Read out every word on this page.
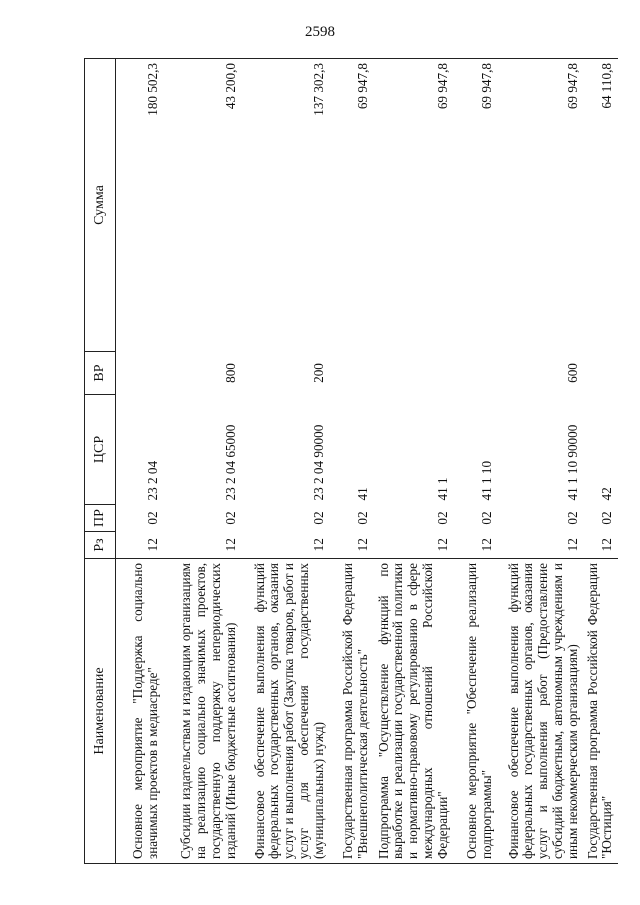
2598
Наименование	Рз	ПР	ЦСР	ВР	Сумма
Основное мероприятие "Поддержка социально значимых проектов в медиасреде"	12	02	23 2 04		180 502,3
Субсидии издательствам и издающим организациям на реализацию социально значимых проектов, государственную поддержку непериодических изданий (Иные бюджетные ассигнования)	12	02	23 2 04 65000	800	43 200,0
Финансовое обеспечение выполнения функций федеральных государственных органов, оказания услуг и выполнения работ (Закупка товаров, работ и услуг для обеспечения государственных (муниципальных) нужд)	12	02	23 2 04 90000	200	137 302,3
Государственная программа Российской Федерации "Внешнеполитическая деятельность"	12	02	41		69 947,8
Подпрограмма "Осуществление функций по выработке и реализации государственной политики и нормативно-правовому регулированию в сфере международных отношений Российской Федерации"	12	02	41 1		69 947,8
Основное мероприятие "Обеспечение реализации подпрограммы"	12	02	41 1 10		69 947,8
Финансовое обеспечение выполнения функций федеральных государственных органов, оказания услуг и выполнения работ (Предоставление субсидий бюджетным, автономным учреждениям и иным некоммерческим организациям)	12	02	41 1 10 90000	600	69 947,8
Государственная программа Российской Федерации "Юстиция"	12	02	42		64 110,8
